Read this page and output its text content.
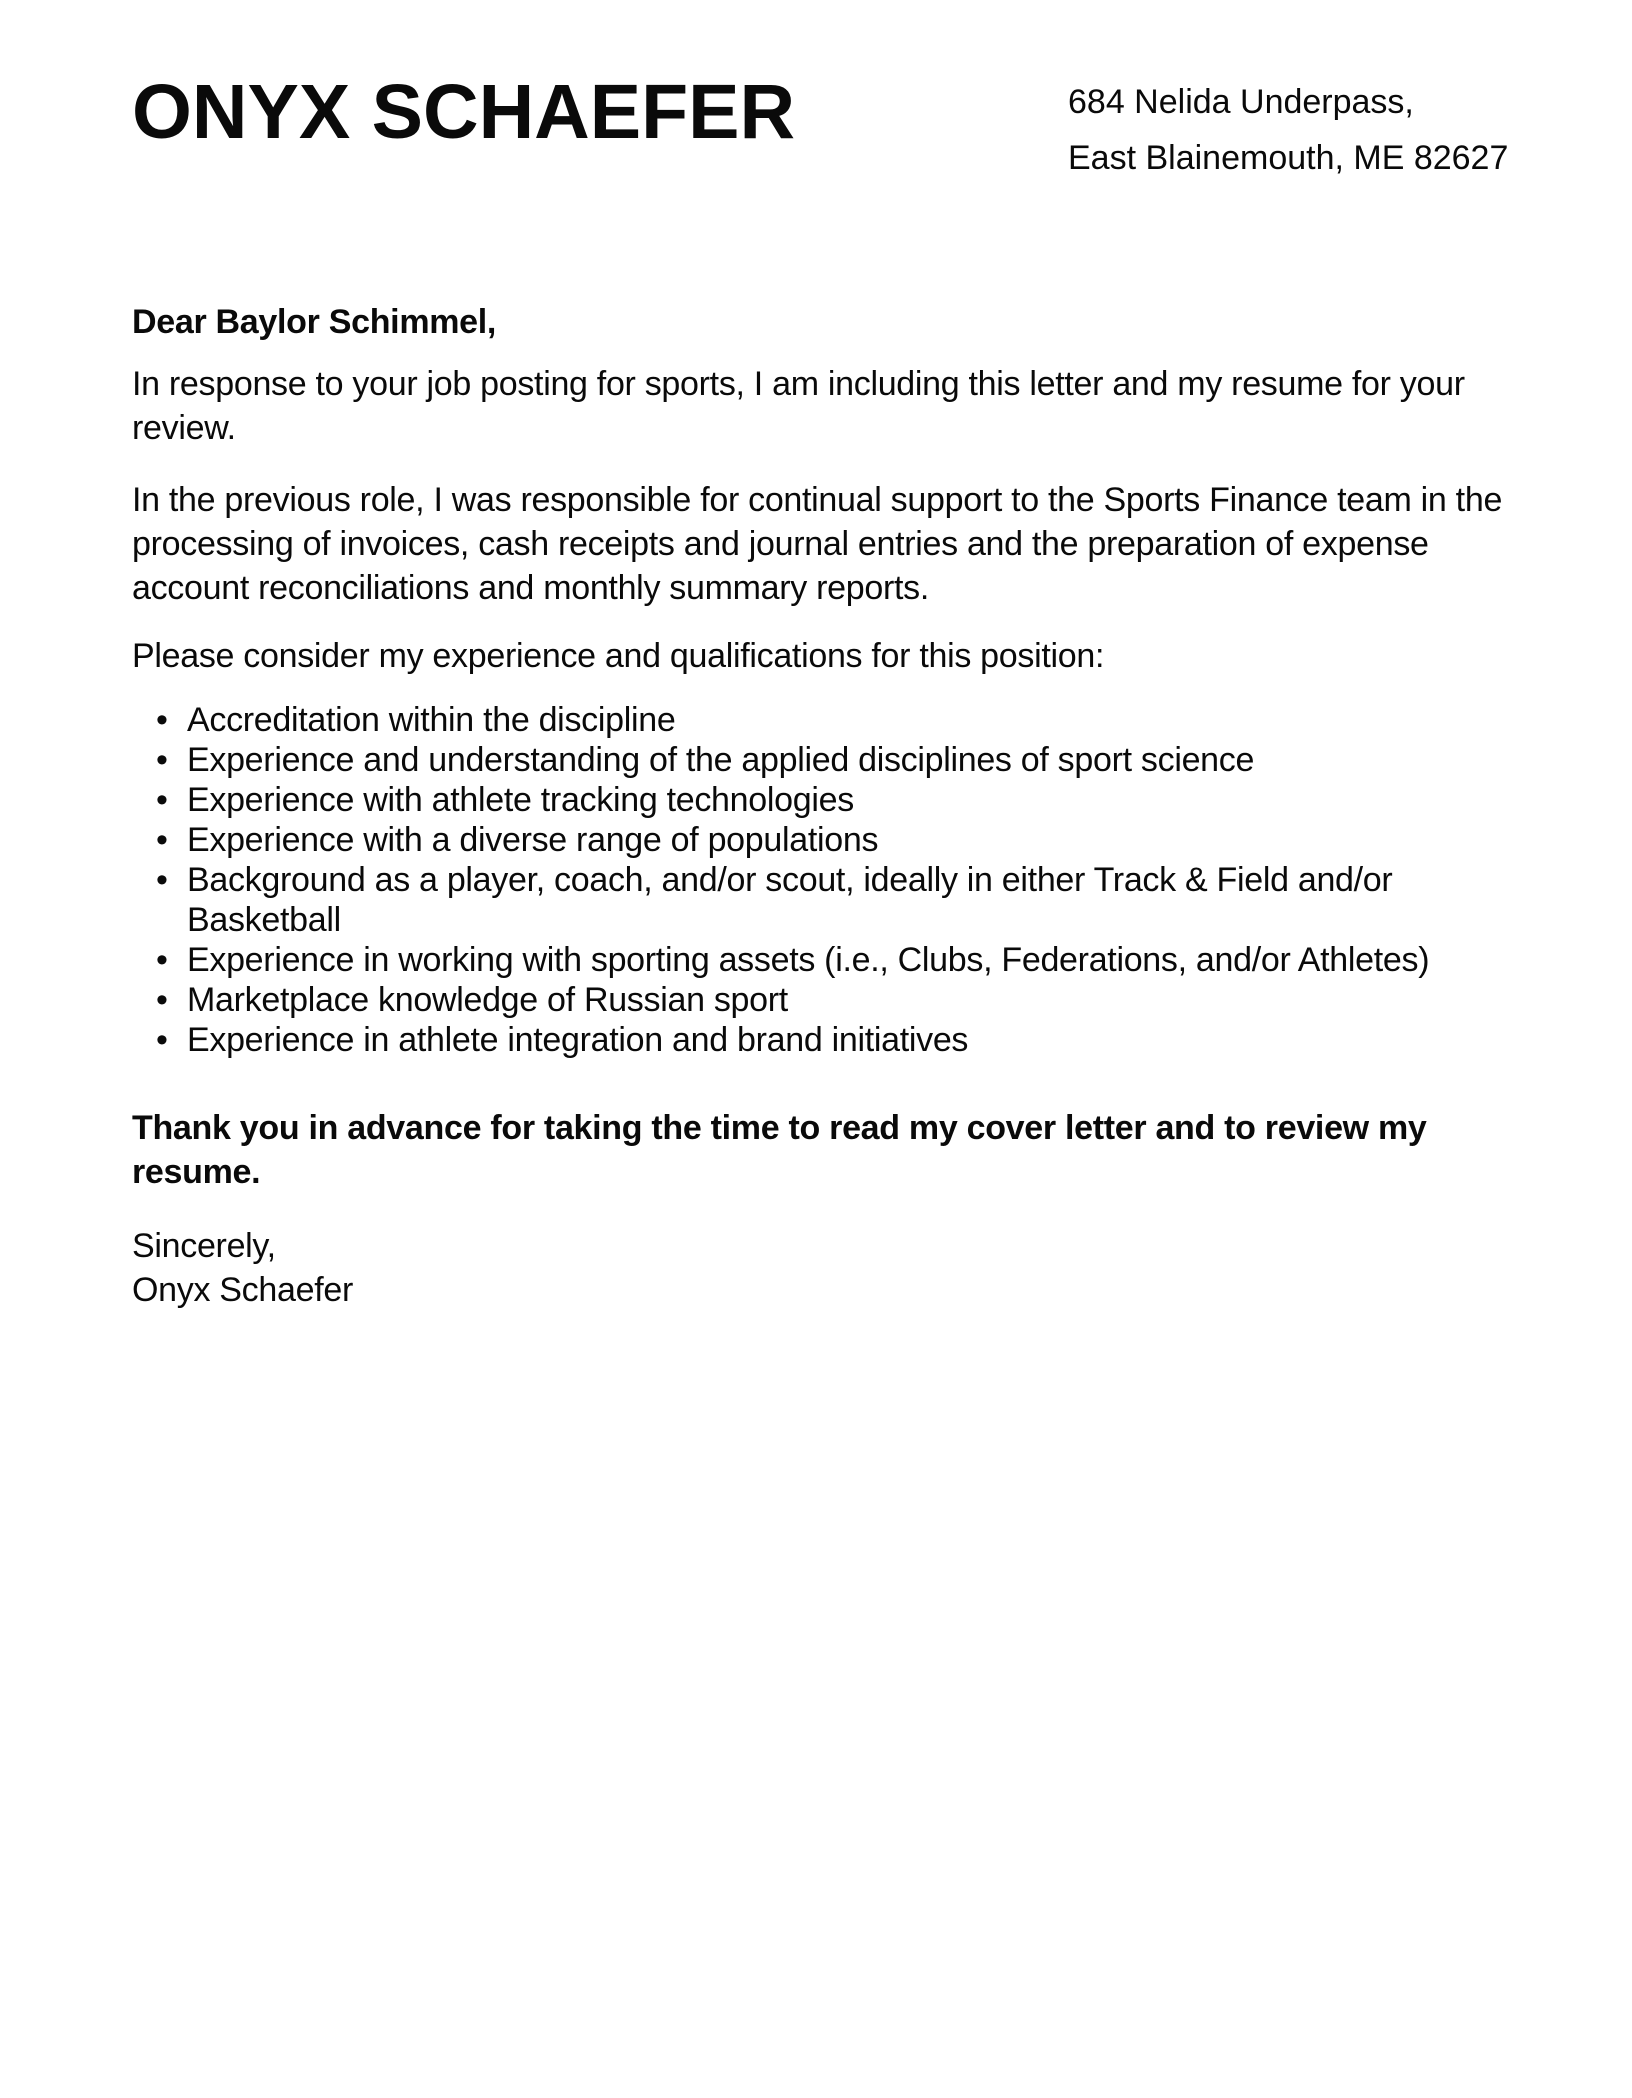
ONYX SCHAEFER	684 Nelida Underpass,
East Blainemouth, ME 82627
Dear Baylor Schimmel,
In response to your job posting for sports, I am including this letter and my resume for your review.
In the previous role, I was responsible for continual support to the Sports Finance team in the processing of invoices, cash receipts and journal entries and the preparation of expense account reconciliations and monthly summary reports.
Please consider my experience and qualifications for this position:
• Accreditation within the discipline
• Experience and understanding of the applied disciplines of sport science
• Experience with athlete tracking technologies
• Experience with a diverse range of populations
• Background as a player, coach, and/or scout, ideally in either Track & Field and/or Basketball
• Experience in working with sporting assets (i.e., Clubs, Federations, and/or Athletes)
• Marketplace knowledge of Russian sport
• Experience in athlete integration and brand initiatives
Thank you in advance for taking the time to read my cover letter and to review my resume.
Sincerely,
Onyx Schaefer
